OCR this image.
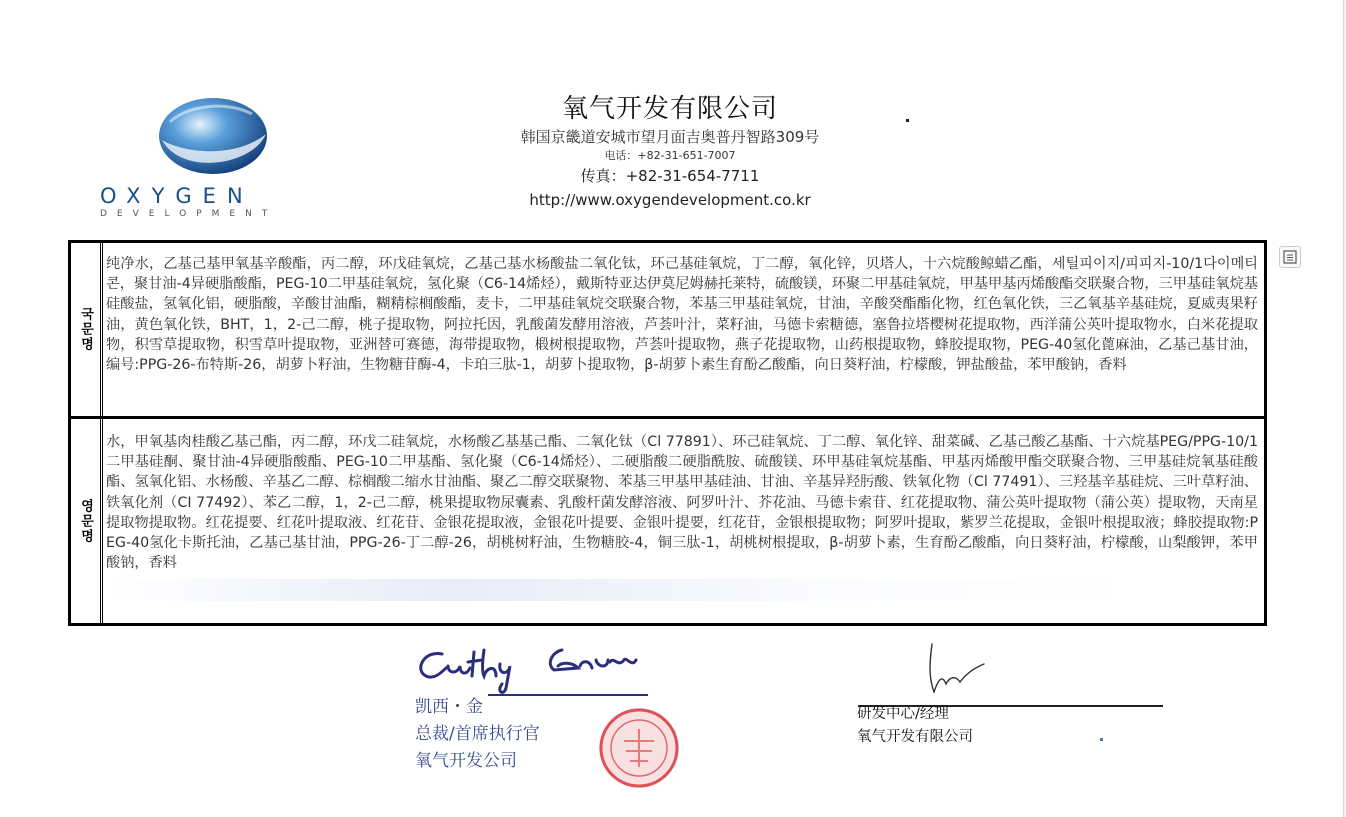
OXYGEN
DEVELOPMENT
氧气开发有限公司
韩国京畿道安城市望月面吉奥普丹智路309号
电话：+82-31-651-7007
传真：+82-31-654-7711
http://www.oxygendevelopment.co.kr
국문명
纯净水，乙基己基甲氧基辛酸酯，丙二醇，环戊硅氧烷，乙基己基水杨酸盐二氧化钛，环己基硅氧烷，丁二醇，氧化锌，贝塔人，十六烷酸鲸蜡乙酯，세틸피이지/피피지-10/1다이메티콘，聚甘油-4异硬脂酸酯，PEG-10二甲基硅氧烷，氢化聚（C6-14烯烃），戴斯特亚达伊莫尼姆赫托莱特，硫酸镁，环聚二甲基硅氧烷，甲基甲基丙烯酸酯交联聚合物，三甲基硅氧烷基硅酸盐，氢氧化铝，硬脂酸，辛酸甘油酯，糊精棕榈酸酯，麦卡，二甲基硅氧烷交联聚合物，苯基三甲基硅氧烷，甘油，辛酸癸酯酯化物，红色氧化铁，三乙氧基辛基硅烷，夏威夷果籽油，黄色氧化铁，BHT，1，2-己二醇，桃子提取物，阿拉托因，乳酸菌发酵用溶液，芦荟叶汁，菜籽油，马德卡索糖德，塞鲁拉塔樱树花提取物，西洋蒲公英叶提取物水，白米花提取物，积雪草提取物，积雪草叶提取物，亚洲替可赛德，海带提取物，椴树根提取物，芦荟叶提取物，燕子花提取物，山药根提取物，蜂胶提取物，PEG-40氢化蓖麻油，乙基己基甘油，编号:PPG-26-布特斯-26，胡萝卜籽油，生物糖苷酶-4，卡珀三肽-1，胡萝卜提取物，β-胡萝卜素生育酚乙酸酯，向日葵籽油，柠檬酸，钾盐酸盐，苯甲酸钠，香料
영문명
水，甲氧基肉桂酸乙基己酯，丙二醇，环戊二硅氧烷，水杨酸乙基基己酯、二氧化钛（Cl 77891）、环己硅氧烷、丁二醇、氧化锌、甜菜碱、乙基己酸乙基酯、十六烷基PEG/PPG-10/1二甲基硅酮、聚甘油-4异硬脂酸酯、PEG-10二甲基酯、氢化聚（C6-14烯烃）、二硬脂酸二硬脂酰胺、硫酸镁、环甲基硅氧烷基酯、甲基丙烯酸甲酯交联聚合物、三甲基硅烷氧基硅酸酯、氢氧化铝、水杨酸、辛基乙二醇、棕榈酸二缩水甘油酯、聚乙二醇交联聚物、苯基三甲基甲基硅油、甘油、辛基异羟肟酸、铁氧化物（Cl 77491）、三羟基辛基硅烷、三叶草籽油、铁氧化剂（CI 77492）、苯乙二醇，1，2-己二醇，桃果提取物尿囊素、乳酸杆菌发酵溶液、阿罗叶汁、芥花油、马德卡索苷、红花提取物、蒲公英叶提取物（蒲公英）提取物，天南星提取物提取物。红花提要、红花叶提取液、红花苷、金银花提取液，金银花叶提要、金银叶提要，红花苷，金银根提取物；阿罗叶提取，紫罗兰花提取，金银叶根提取液；蜂胶提取物:PEG-40氢化卡斯托油，乙基己基甘油，PPG-26-丁二醇-26，胡桃树籽油，生物糖胶-4，铜三肽-1，胡桃树根提取，β-胡萝卜素，生育酚乙酸酯，向日葵籽油，柠檬酸，山梨酸钾，苯甲酸钠，香料
凯西・金
总裁/首席执行官
氧气开发公司
研发中心/经理
氧气开发有限公司
